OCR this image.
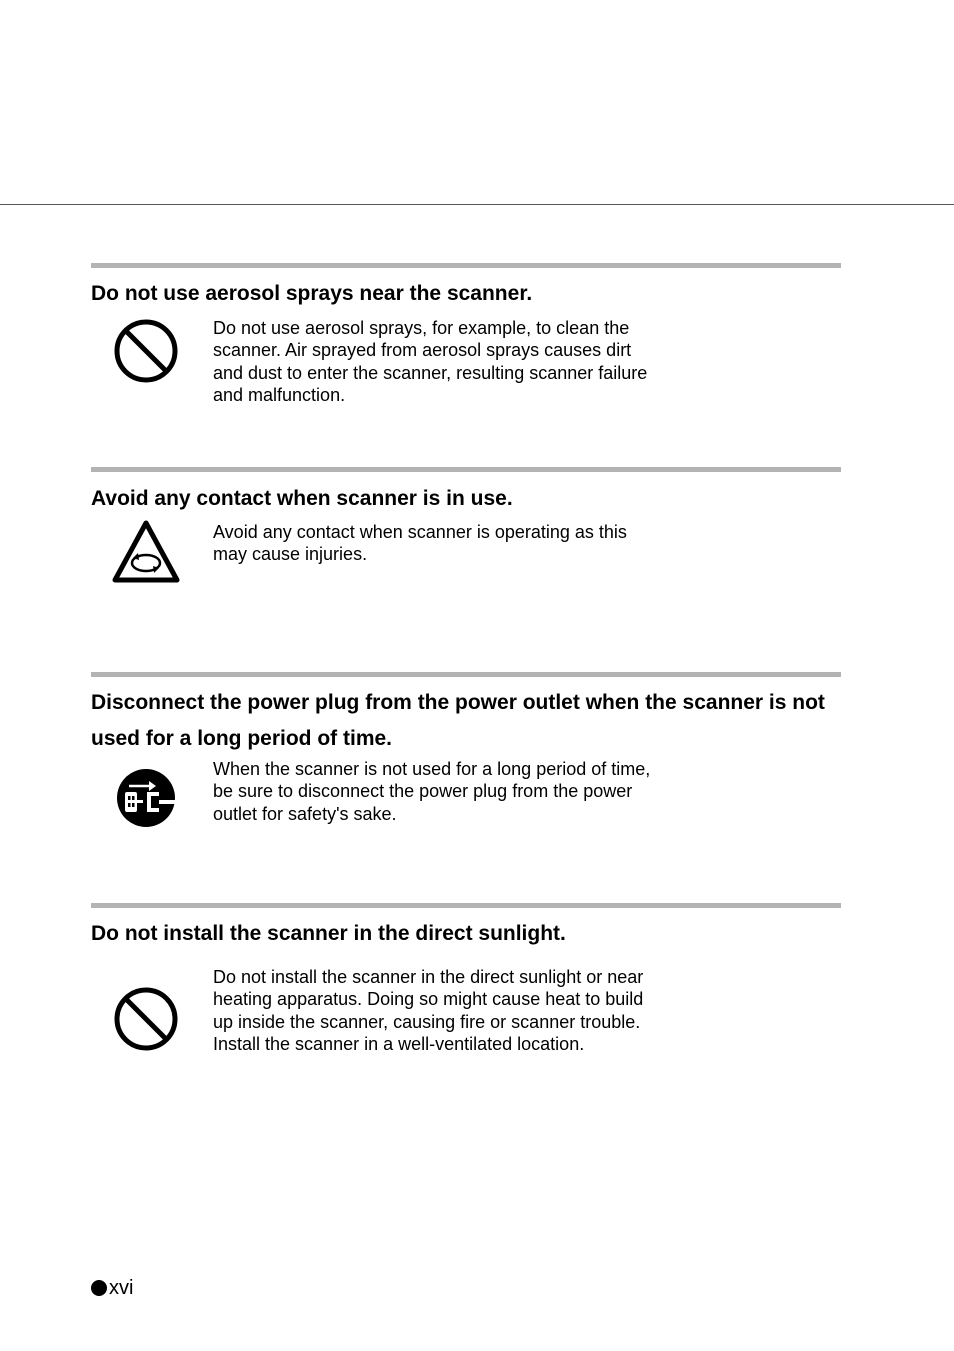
Do not use aerosol sprays near the scanner.

Do not use aerosol sprays, for example, to clean the scanner. Air sprayed from aerosol sprays causes dirt and dust to enter the scanner, resulting scanner failure and malfunction.

Avoid any contact when scanner is in use.

Avoid any contact when scanner is operating as this may cause injuries.

Disconnect the power plug from the power outlet when the scanner is not used for a long period of time.

When the scanner is not used for a long period of time, be sure to disconnect the power plug from the power outlet for safety's sake.

Do not install the scanner in the direct sunlight.

Do not install the scanner in the direct sunlight or near heating apparatus. Doing so might cause heat to build up inside the scanner, causing fire or scanner trouble. Install the scanner in a well-ventilated location.

xvi
